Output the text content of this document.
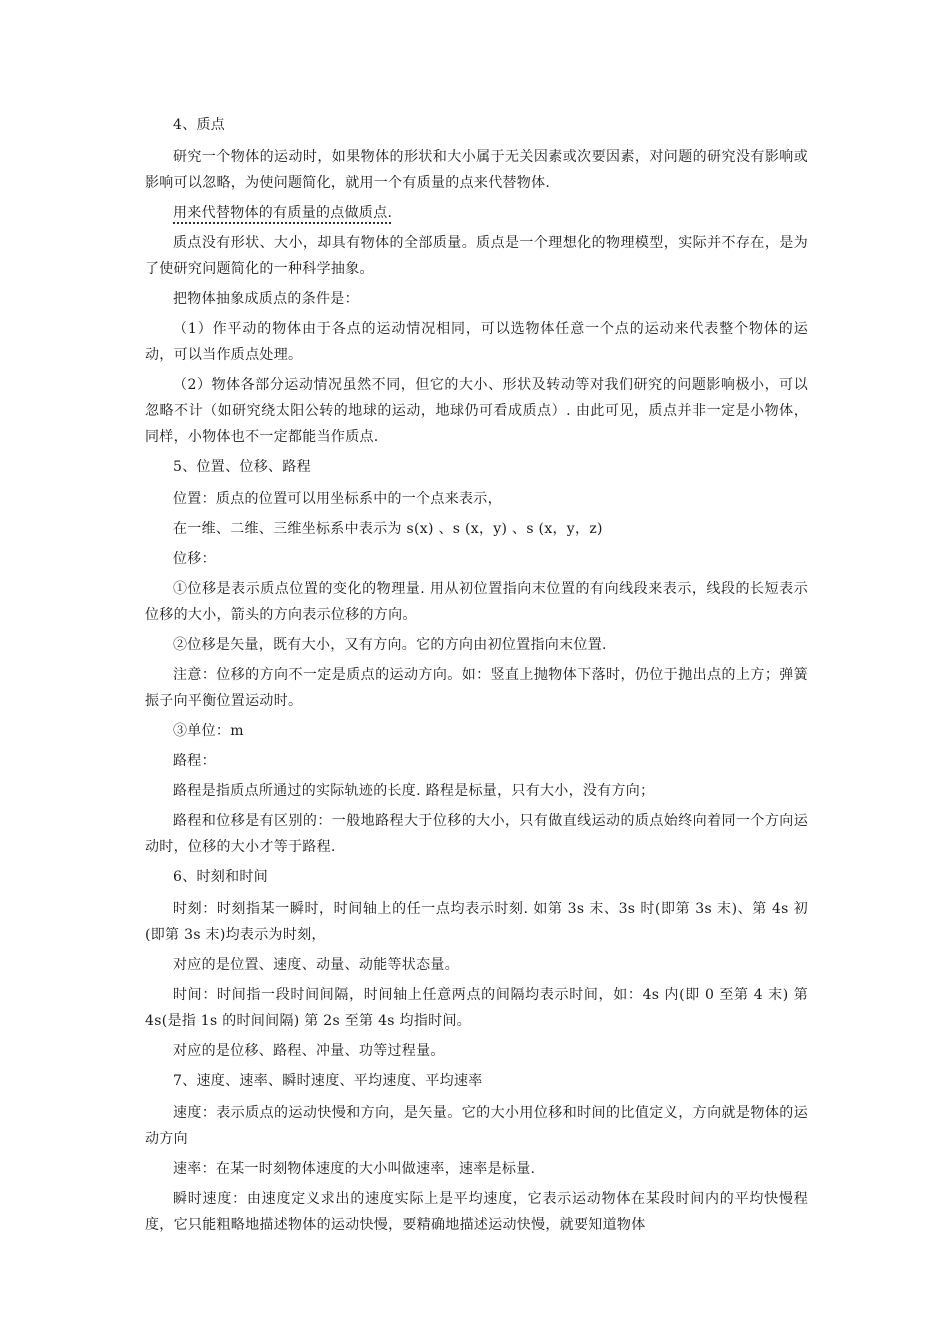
4、质点

研究一个物体的运动时，如果物体的形状和大小属于无关因素或次要因素，对问题的研究没有影响或影响可以忽略，为使问题简化，就用一个有质量的点来代替物体.

用来代替物体的有质量的点做质点.

质点没有形状、大小，却具有物体的全部质量。质点是一个理想化的物理模型，实际并不存在，是为了使研究问题简化的一种科学抽象。

把物体抽象成质点的条件是：

（1）作平动的物体由于各点的运动情况相同，可以选物体任意一个点的运动来代表整个物体的运动，可以当作质点处理。

（2）物体各部分运动情况虽然不同，但它的大小、形状及转动等对我们研究的问题影响极小，可以忽略不计（如研究绕太阳公转的地球的运动，地球仍可看成质点）. 由此可见，质点并非一定是小物体，同样，小物体也不一定都能当作质点.

5、位置、位移、路程

位置：质点的位置可以用坐标系中的一个点来表示，

在一维、二维、三维坐标系中表示为 s(x) 、s (x，y) 、s (x，y，z)

位移：

①位移是表示质点位置的变化的物理量. 用从初位置指向末位置的有向线段来表示，线段的长短表示位移的大小，箭头的方向表示位移的方向。

②位移是矢量，既有大小，又有方向。它的方向由初位置指向末位置.

注意：位移的方向不一定是质点的运动方向。如：竖直上抛物体下落时，仍位于抛出点的上方；弹簧振子向平衡位置运动时。

③单位：m

路程：

路程是指质点所通过的实际轨迹的长度. 路程是标量，只有大小，没有方向；

路程和位移是有区别的：一般地路程大于位移的大小，只有做直线运动的质点始终向着同一个方向运动时，位移的大小才等于路程.

6、时刻和时间

时刻：时刻指某一瞬时，时间轴上的任一点均表示时刻. 如第 3s 末、3s 时(即第 3s 末)、第 4s 初(即第 3s 末)均表示为时刻，

对应的是位置、速度、动量、动能等状态量。

时间：时间指一段时间间隔，时间轴上任意两点的间隔均表示时间，如：4s 内(即 0 至第 4 末) 第 4s(是指 1s 的时间间隔) 第 2s 至第 4s 均指时间。

对应的是位移、路程、冲量、功等过程量。

7、速度、速率、瞬时速度、平均速度、平均速率

速度：表示质点的运动快慢和方向，是矢量。它的大小用位移和时间的比值定义，方向就是物体的运动方向

速率：在某一时刻物体速度的大小叫做速率，速率是标量.

瞬时速度：由速度定义求出的速度实际上是平均速度，它表示运动物体在某段时间内的平均快慢程度，它只能粗略地描述物体的运动快慢，要精确地描述运动快慢，就要知道物体
